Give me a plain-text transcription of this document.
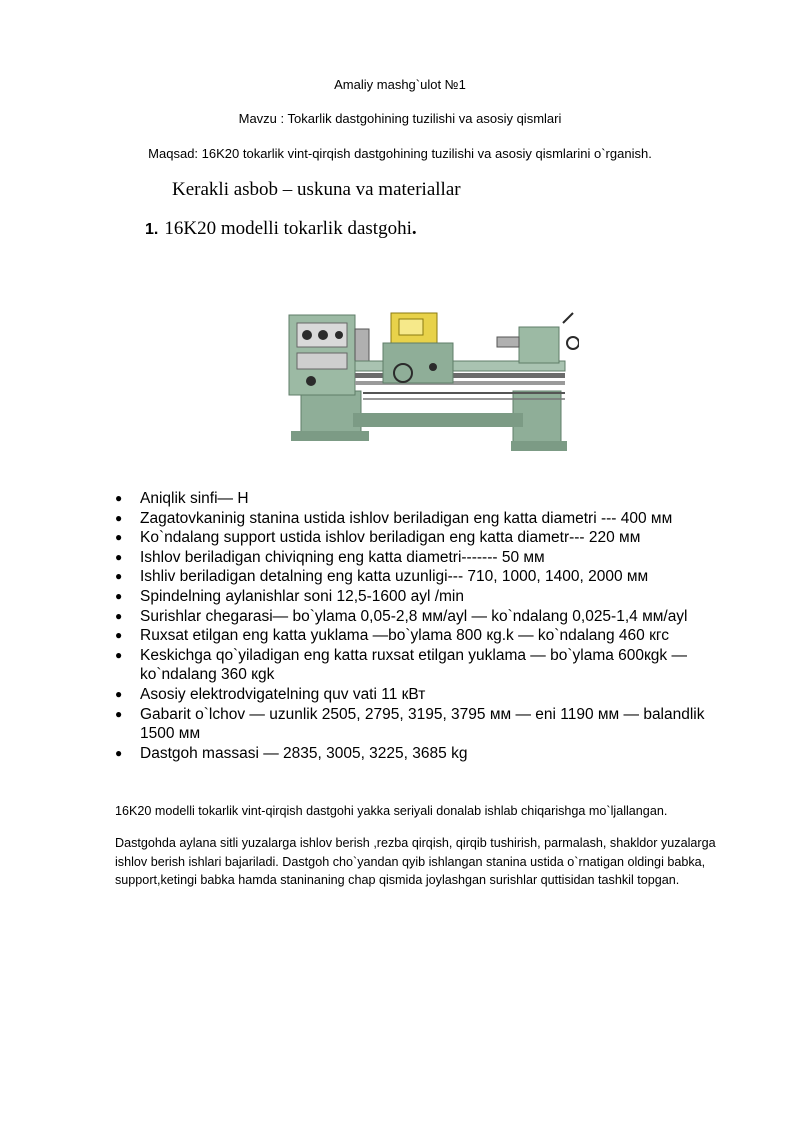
Amaliy mashg`ulot №1
Mavzu : Tokarlik dastgohining tuzilishi va asosiy qismlari
Maqsad: 16K20 tokarlik vint-qirqish dastgohining tuzilishi va asosiy qismlarini o`rganish.
Kerakli asbob – uskuna va materiallar
1. 16K20 modelli tokarlik dastgohi.
● Aniqlik sinfi— H
● Zagatovkaninig stanina ustida ishlov beriladigan eng katta diametri --- 400 мм
● Ko`ndalang support ustida ishlov beriladigan eng katta diametr--- 220 мм
● Ishlov beriladigan chiviqning eng katta diametri------- 50 мм
● Ishliv beriladigan detalning eng katta uzunligi--- 710, 1000, 1400, 2000 мм
● Spindelning aylanishlar soni 12,5-1600 ayl /min
● Surishlar chegarasi— bo`ylama 0,05-2,8 мм/ayl — ko`ndalang 0,025-1,4 мм/ayl
● Ruxsat etilgan eng katta yuklama —bo`ylama 800 кg.k — ko`ndalang 460 кгс
● Keskichga qo`yiladigan eng katta ruxsat etilgan yuklama — bo`ylama 600кgk — ko`ndalang 360 кgk
● Asosiy elektrodvigatelning quv vati 11 кВт
● Gabarit o`lchov — uzunlik 2505, 2795, 3195, 3795 мм — eni 1190 мм — balandlik 1500 мм
● Dastgoh massasi — 2835, 3005, 3225, 3685 kg
16K20 modelli tokarlik vint-qirqish dastgohi yakka seriyali donalab ishlab chiqarishga mo`ljallangan.
Dastgohda aylana sitli yuzalarga ishlov berish ,rezba qirqish, qirqib tushirish, parmalash, shakldor yuzalarga ishlov berish ishlari bajariladi. Dastgoh cho`yandan qyib ishlangan stanina ustida o`rnatigan oldingi babka, support,ketingi babka hamda staninaning chap qismida joylashgan surishlar quttisidan tashkil topgan.
